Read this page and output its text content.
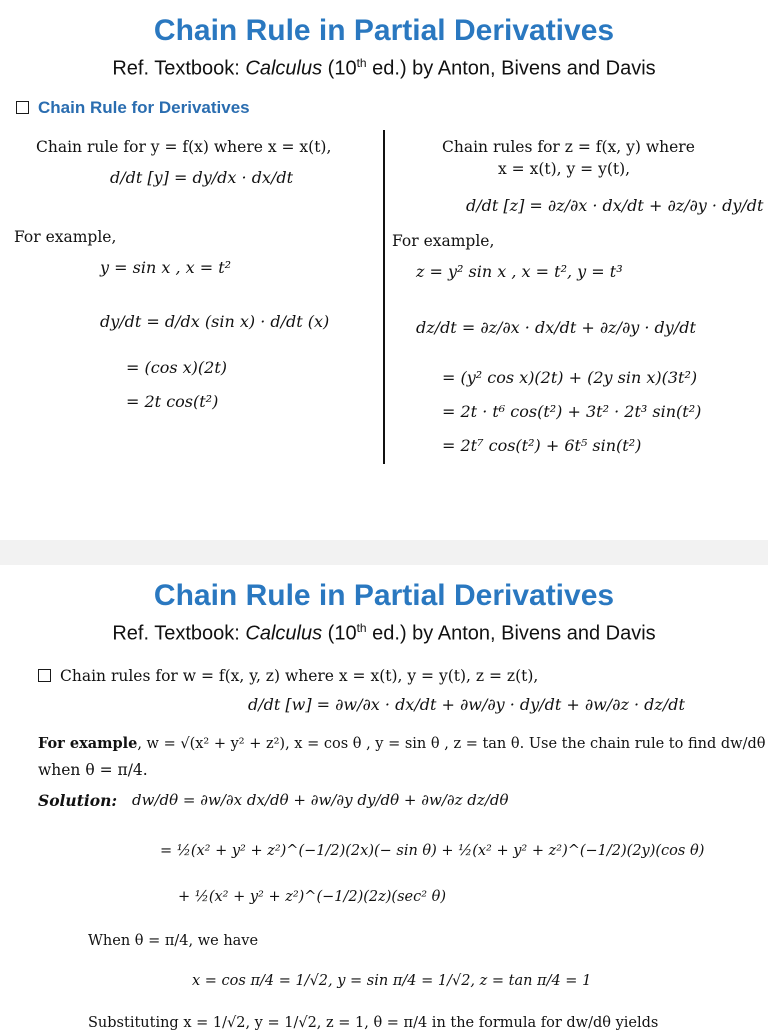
Chain Rule in Partial Derivatives
Ref. Textbook: Calculus (10th ed.) by Anton, Bivens and Davis
Chain Rule for Derivatives
Chain rule for y = f(x) where x = x(t),
d/dt [y] = dy/dx · dx/dt
For example,
y = sin x , x = t²
dy/dt = d/dx (sin x) · d/dt (x)
= (cos x)(2t)
= 2t cos(t²)
Chain rules for z = f(x, y) where
x = x(t), y = y(t),
d/dt [z] = ∂z/∂x · dx/dt + ∂z/∂y · dy/dt
For example,
z = y² sin x , x = t², y = t³
dz/dt = ∂z/∂x · dx/dt + ∂z/∂y · dy/dt
= (y² cos x)(2t) + (2y sin x)(3t²)
= 2t · t⁶ cos(t²) + 3t² · 2t³ sin(t²)
= 2t⁷ cos(t²) + 6t⁵ sin(t²)
Chain Rule in Partial Derivatives
Ref. Textbook: Calculus (10th ed.) by Anton, Bivens and Davis
Chain rules for w = f(x, y, z) where x = x(t), y = y(t), z = z(t),
d/dt [w] = ∂w/∂x · dx/dt + ∂w/∂y · dy/dt + ∂w/∂z · dz/dt
For example, w = √(x² + y² + z²), x = cos θ , y = sin θ , z = tan θ. Use the chain rule to find dw/dθ
when θ = π/4.
Solution: dw/dθ = ∂w/∂x dx/dθ + ∂w/∂y dy/dθ + ∂w/∂z dz/dθ
= ½(x² + y² + z²)^(−1/2)(2x)(− sin θ) + ½(x² + y² + z²)^(−1/2)(2y)(cos θ)
+ ½(x² + y² + z²)^(−1/2)(2z)(sec² θ)
When θ = π/4, we have
x = cos π/4 = 1/√2, y = sin π/4 = 1/√2, z = tan π/4 = 1
Substituting x = 1/√2, y = 1/√2, z = 1, θ = π/4 in the formula for dw/dθ yields
